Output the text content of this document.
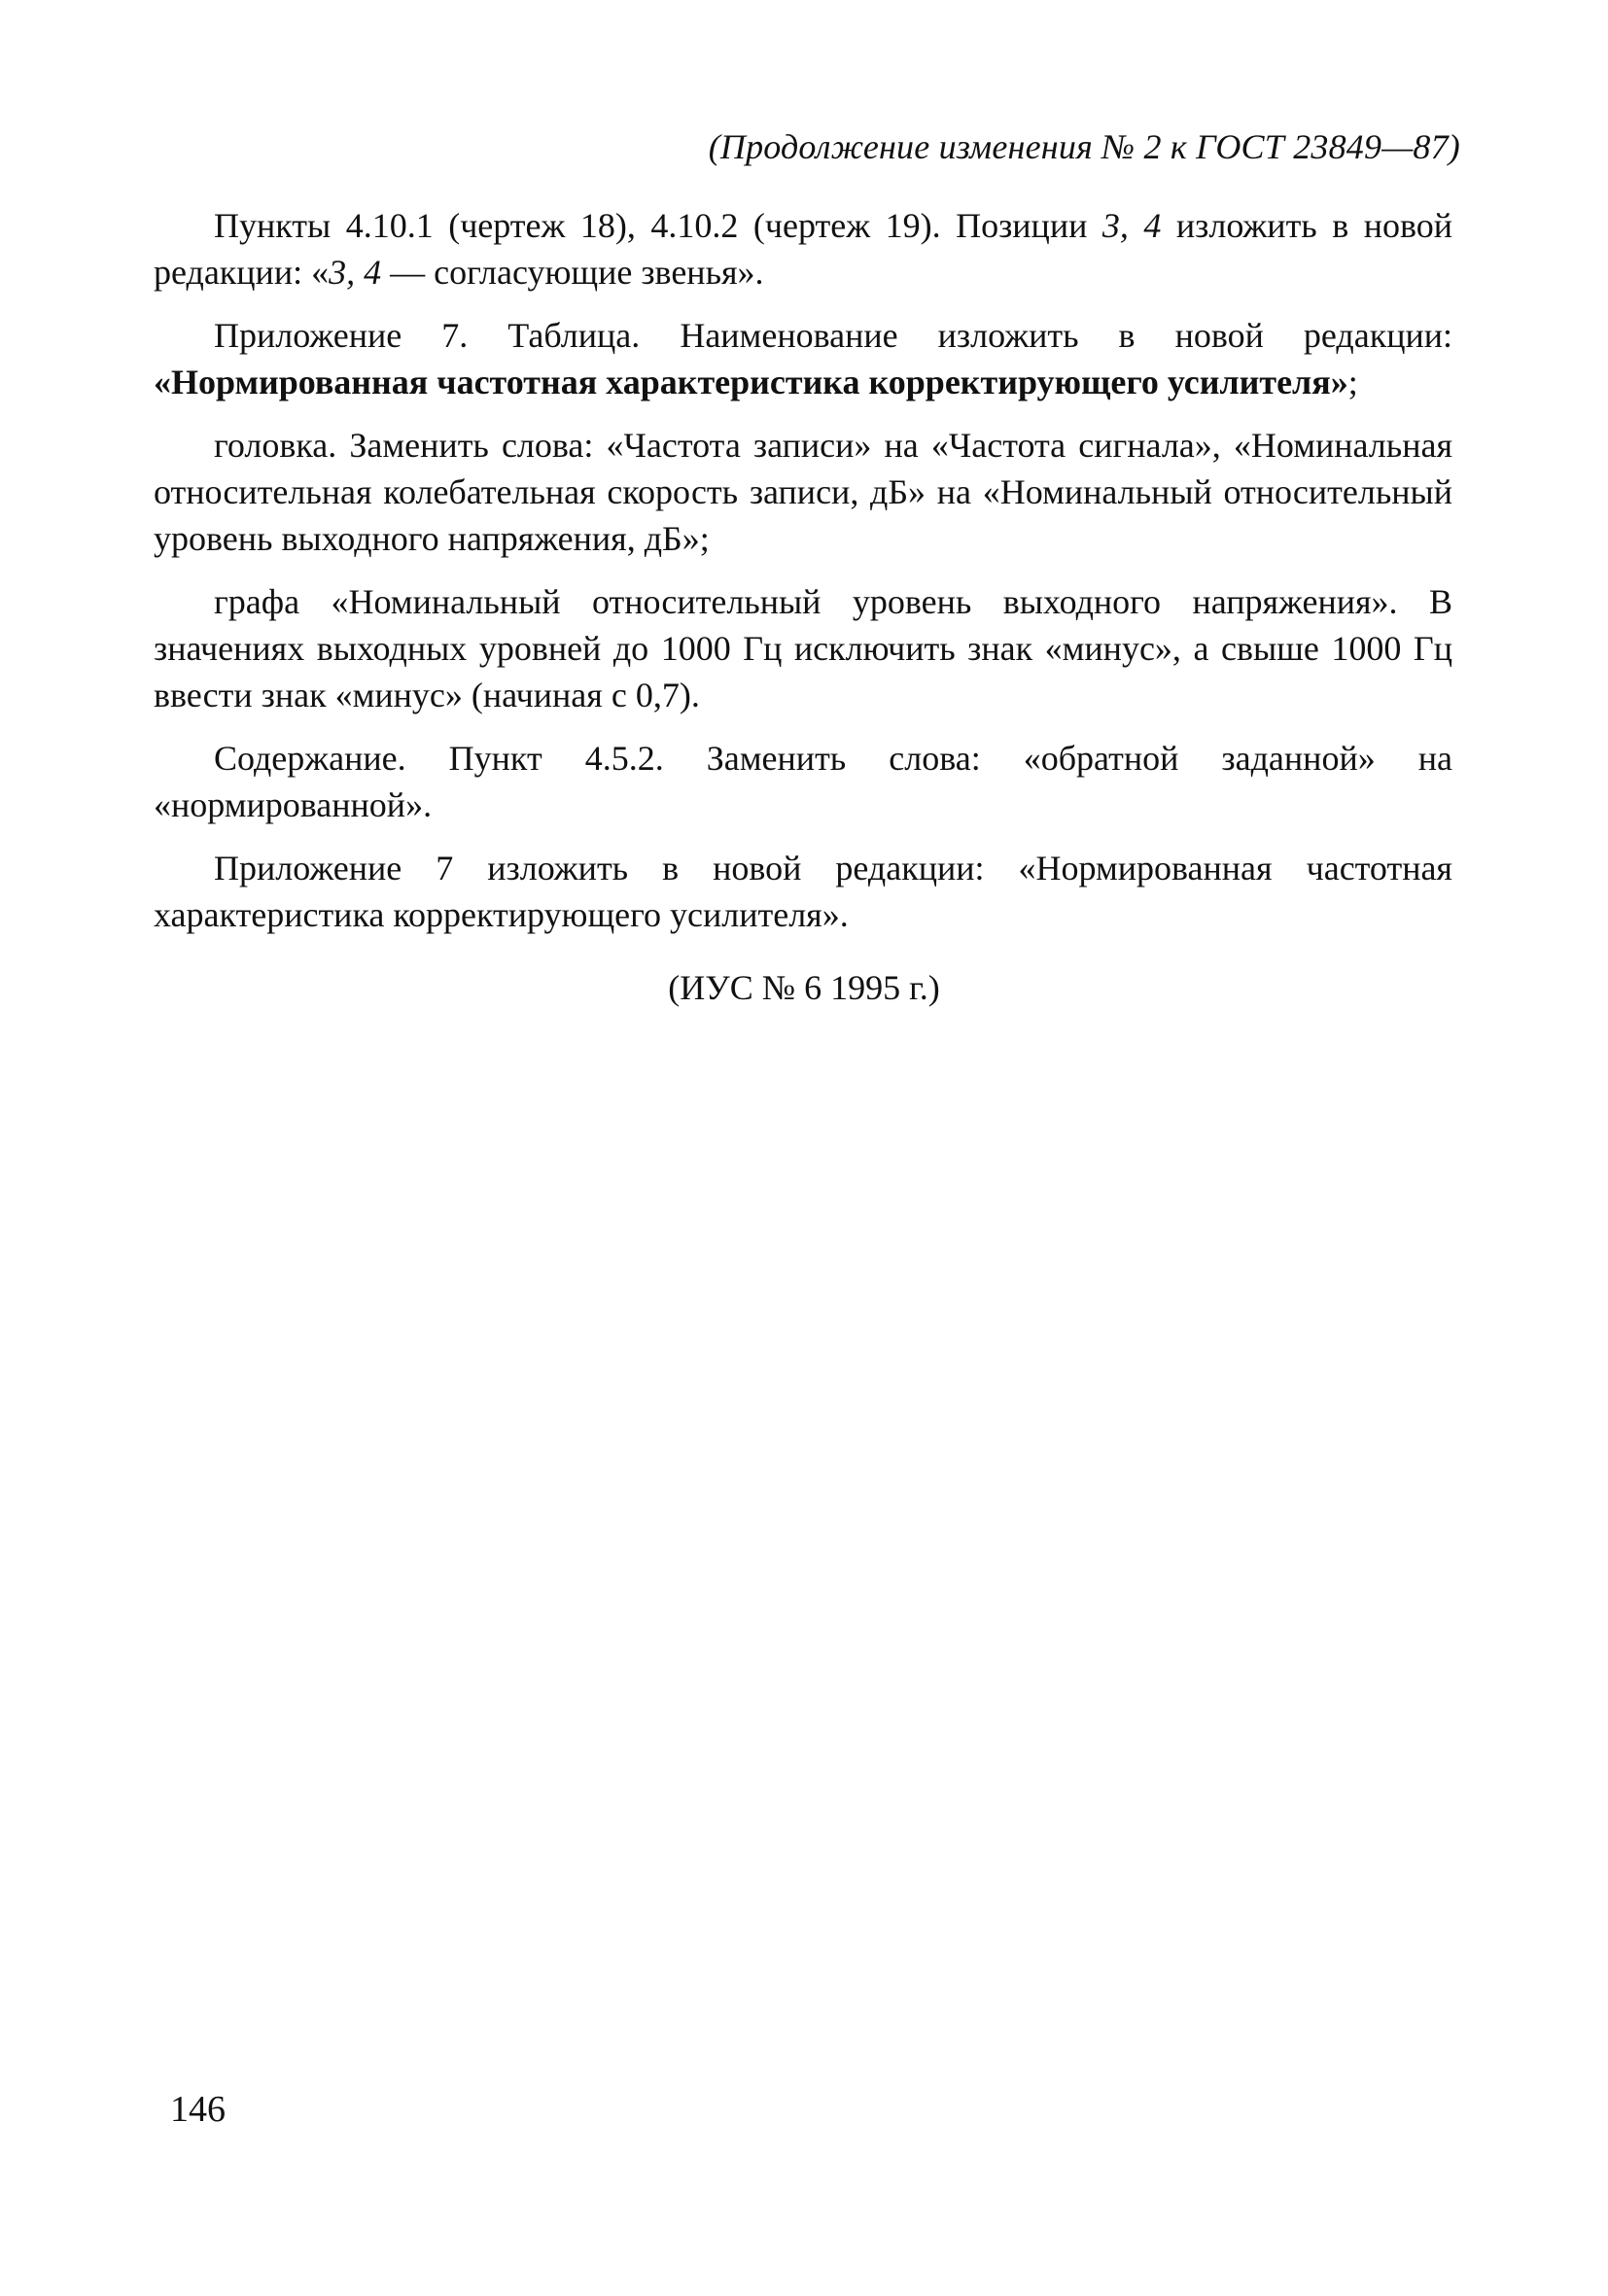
(Продолжение изменения № 2 к ГОСТ 23849—87)

Пункты 4.10.1 (чертеж 18), 4.10.2 (чертеж 19). Позиции 3, 4 изложить в новой редакции: «3, 4 — согласующие звенья».

Приложение 7. Таблица. Наименование изложить в новой редакции: «Нормированная частотная характеристика корректирующего усилителя»;

головка. Заменить слова: «Частота записи» на «Частота сигнала», «Номинальная относительная колебательная скорость записи, дБ» на «Номинальный относительный уровень выходного напряжения, дБ»;

графа «Номинальный относительный уровень выходного напряжения». В значениях выходных уровней до 1000 Гц исключить знак «минус», а свыше 1000 Гц ввести знак «минус» (начиная с 0,7).

Содержание. Пункт 4.5.2. Заменить слова: «обратной заданной» на «нормированной».

Приложение 7 изложить в новой редакции: «Нормированная частотная характеристика корректирующего усилителя».

(ИУС № 6 1995 г.)
146
